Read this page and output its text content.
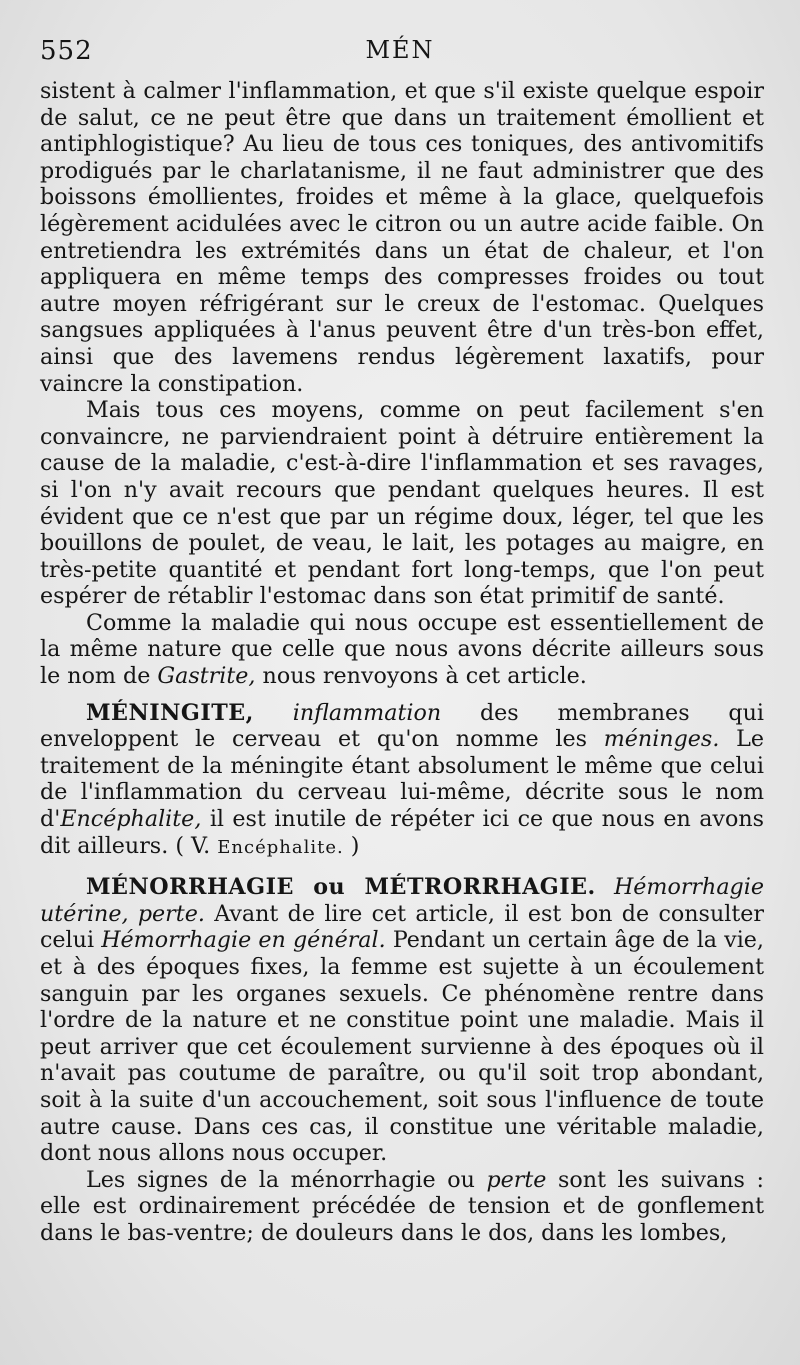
552	MÉN

sistent à calmer l'inflammation, et que s'il existe quelque espoir de salut, ce ne peut être que dans un traitement émollient et antiphlogistique? Au lieu de tous ces toniques, des antivomitifs prodigués par le charlatanisme, il ne faut administrer que des boissons émollientes, froides et même à la glace, quelquefois légèrement acidulées avec le citron ou un autre acide faible. On entretiendra les extrémités dans un état de chaleur, et l'on appliquera en même temps des compresses froides ou tout autre moyen réfrigérant sur le creux de l'estomac. Quelques sangsues appliquées à l'anus peuvent être d'un très-bon effet, ainsi que des lavemens rendus légèrement laxatifs, pour vaincre la constipation.

Mais tous ces moyens, comme on peut facilement s'en convaincre, ne parviendraient point à détruire entièrement la cause de la maladie, c'est-à-dire l'inflammation et ses ravages, si l'on n'y avait recours que pendant quelques heures. Il est évident que ce n'est que par un régime doux, léger, tel que les bouillons de poulet, de veau, le lait, les potages au maigre, en très-petite quantité et pendant fort long-temps, que l'on peut espérer de rétablir l'estomac dans son état primitif de santé.

Comme la maladie qui nous occupe est essentiellement de la même nature que celle que nous avons décrite ailleurs sous le nom de Gastrite, nous renvoyons à cet article.

MÉNINGITE, inflammation des membranes qui enveloppent le cerveau et qu'on nomme les méninges. Le traitement de la méningite étant absolument le même que celui de l'inflammation du cerveau lui-même, décrite sous le nom d'Encéphalite, il est inutile de répéter ici ce que nous en avons dit ailleurs. ( V. Encéphalite. )

MÉNORRHAGIE ou MÉTRORRHAGIE. Hémorrhagie utérine, perte. Avant de lire cet article, il est bon de consulter celui Hémorrhagie en général. Pendant un certain âge de la vie, et à des époques fixes, la femme est sujette à un écoulement sanguin par les organes sexuels. Ce phénomène rentre dans l'ordre de la nature et ne constitue point une maladie. Mais il peut arriver que cet écoulement survienne à des époques où il n'avait pas coutume de paraître, ou qu'il soit trop abondant, soit à la suite d'un accouchement, soit sous l'influence de toute autre cause. Dans ces cas, il constitue une véritable maladie, dont nous allons nous occuper.

Les signes de la ménorrhagie ou perte sont les suivans : elle est ordinairement précédée de tension et de gonflement dans le bas-ventre; de douleurs dans le dos, dans les lombes,
